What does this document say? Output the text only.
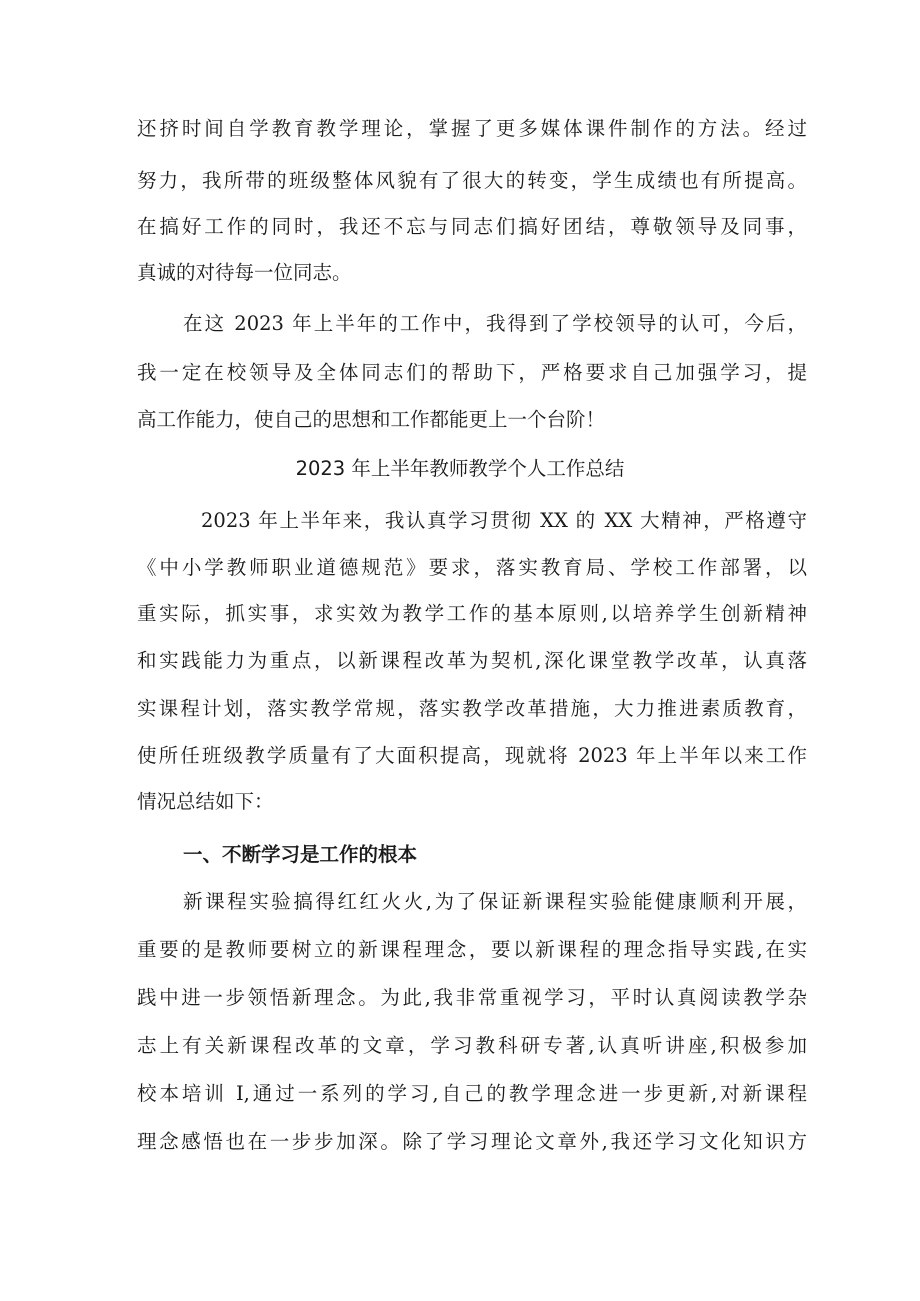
还挤时间自学教育教学理论，掌握了更多媒体课件制作的方法。经过
努力，我所带的班级整体风貌有了很大的转变，学生成绩也有所提高。
在搞好工作的同时，我还不忘与同志们搞好团结，尊敬领导及同事，
真诚的对待每一位同志。
在这 2023 年上半年的工作中，我得到了学校领导的认可，今后，
我一定在校领导及全体同志们的帮助下，严格要求自己加强学习，提
高工作能力，使自己的思想和工作都能更上一个台阶！
2023 年上半年教师教学个人工作总结
2023 年上半年来，我认真学习贯彻 XX 的 XX 大精神，严格遵守
《中小学教师职业道德规范》要求，落实教育局、学校工作部署，以
重实际，抓实事，求实效为教学工作的基本原则,以培养学生创新精神
和实践能力为重点，以新课程改革为契机,深化课堂教学改革，认真落
实课程计划，落实教学常规，落实教学改革措施，大力推进素质教育，
使所任班级教学质量有了大面积提高，现就将 2023 年上半年以来工作
情况总结如下：
一、不断学习是工作的根本
新课程实验搞得红红火火,为了保证新课程实验能健康顺利开展，
重要的是教师要树立的新课程理念，要以新课程的理念指导实践,在实
践中进一步领悟新理念。为此,我非常重视学习，平时认真阅读教学杂
志上有关新课程改革的文章，学习教科研专著,认真听讲座,积极参加
校本培训 I,通过一系列的学习,自己的教学理念进一步更新,对新课程
理念感悟也在一步步加深。除了学习理论文章外,我还学习文化知识方
